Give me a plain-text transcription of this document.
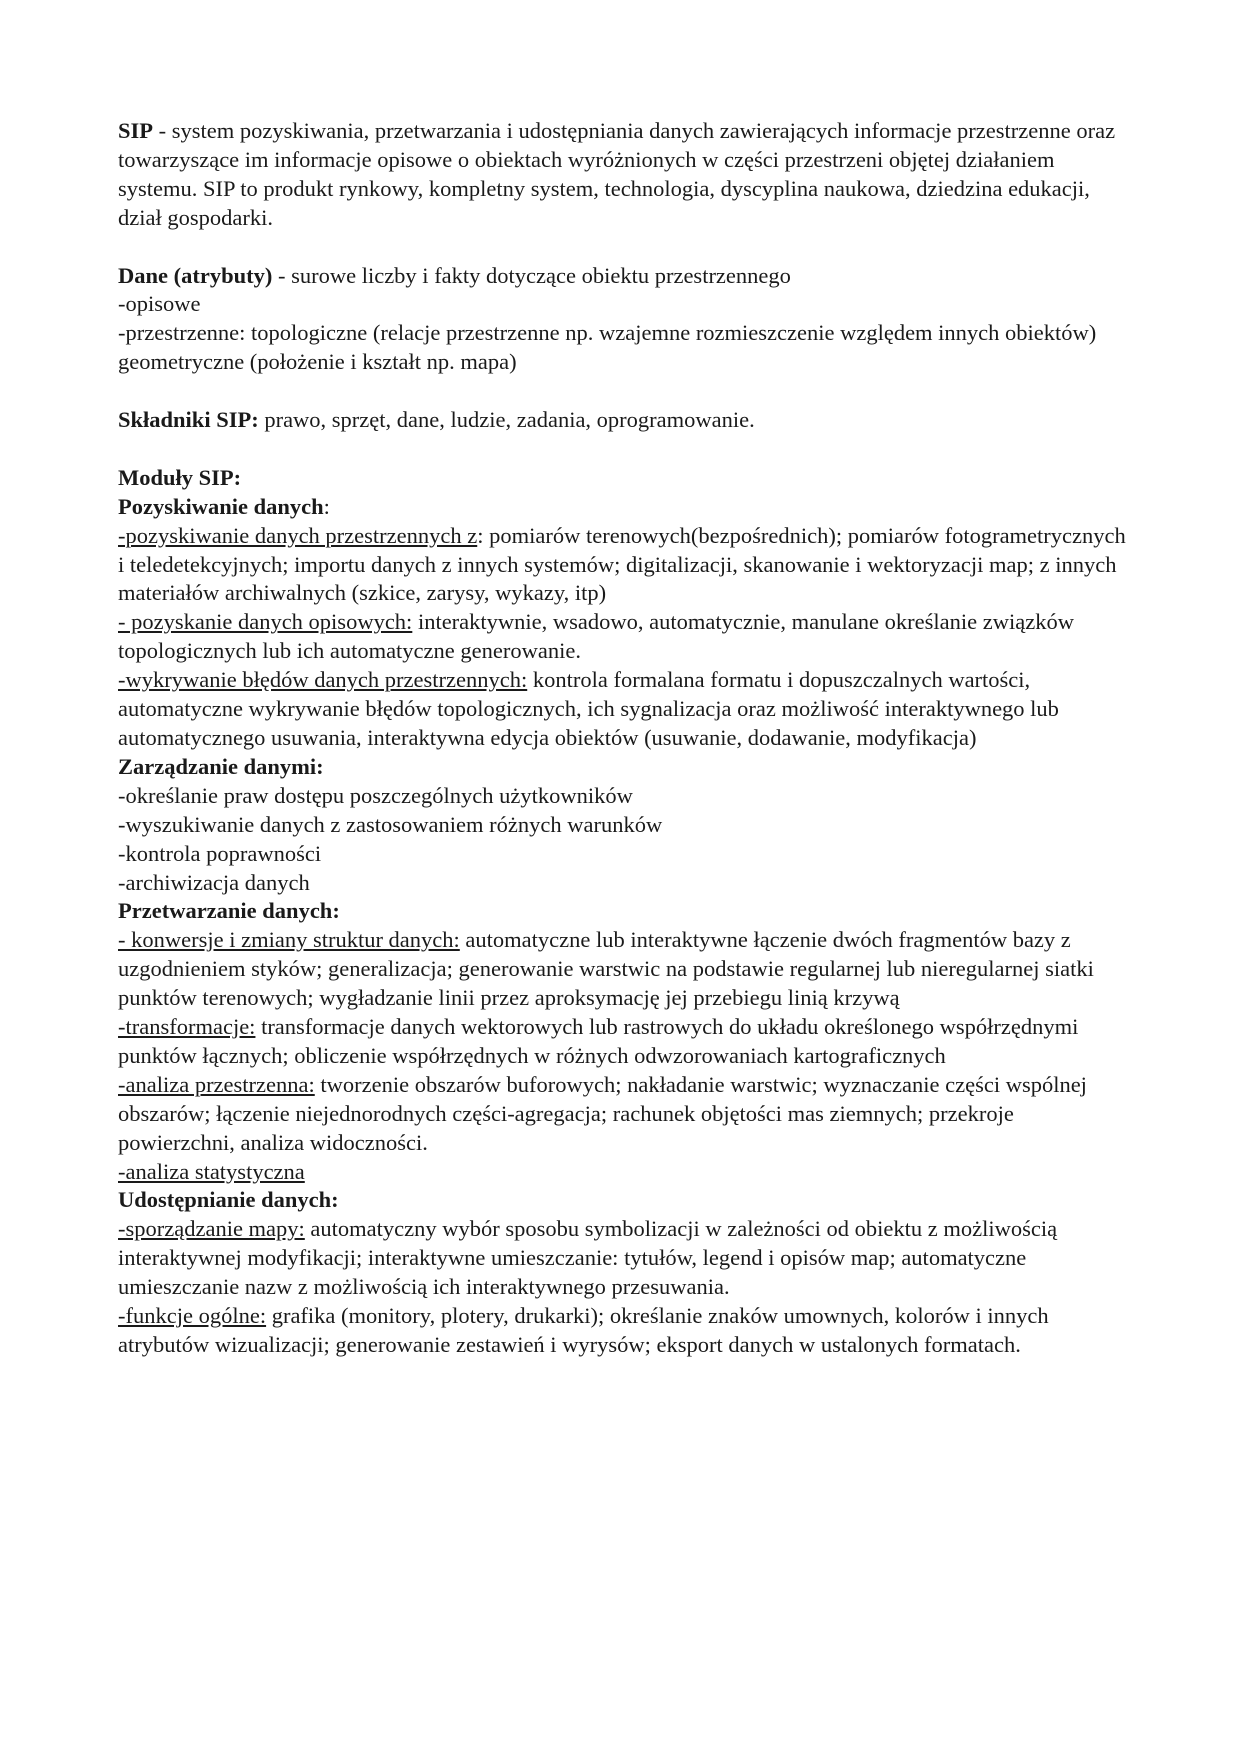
SIP - system pozyskiwania, przetwarzania i udostępniania danych zawierających informacje przestrzenne oraz towarzyszące im informacje opisowe o obiektach wyróżnionych w części przestrzeni objętej działaniem systemu. SIP to produkt rynkowy, kompletny system, technologia, dyscyplina naukowa, dziedzina edukacji, dział gospodarki.

Dane (atrybuty) - surowe liczby i fakty dotyczące obiektu przestrzennego

-opisowe

-przestrzenne: topologiczne (relacje przestrzenne np. wzajemne rozmieszczenie względem innych obiektów) geometryczne (położenie i kształt np. mapa)

Składniki SIP: prawo, sprzęt, dane, ludzie, zadania, oprogramowanie.

Moduły SIP:

Pozyskiwanie danych:

-pozyskiwanie danych przestrzennych z: pomiarów terenowych(bezpośrednich); pomiarów fotogrametrycznych i teledetekcyjnych; importu danych z innych systemów; digitalizacji, skanowanie i wektoryzacji map; z innych materiałów archiwalnych (szkice, zarysy, wykazy, itp)

- pozyskanie danych opisowych: interaktywnie, wsadowo, automatycznie, manulane określanie związków topologicznych lub ich automatyczne generowanie.

-wykrywanie błędów danych przestrzennych: kontrola formalana formatu i dopuszczalnych wartości, automatyczne wykrywanie błędów topologicznych, ich sygnalizacja oraz możliwość interaktywnego lub automatycznego usuwania, interaktywna edycja obiektów (usuwanie, dodawanie, modyfikacja)

Zarządzanie danymi:

-określanie praw dostępu poszczególnych użytkowników

-wyszukiwanie danych z zastosowaniem różnych warunków

-kontrola poprawności

-archiwizacja danych

Przetwarzanie danych:

- konwersje i zmiany struktur danych: automatyczne lub interaktywne łączenie dwóch fragmentów bazy z uzgodnieniem styków; generalizacja; generowanie warstwic na podstawie regularnej lub nieregularnej siatki punktów terenowych; wygładzanie linii przez aproksymację jej przebiegu linią krzywą

-transformacje: transformacje danych wektorowych lub rastrowych do układu określonego współrzędnymi punktów łącznych; obliczenie współrzędnych w różnych odwzorowaniach kartograficznych

-analiza przestrzenna: tworzenie obszarów buforowych; nakładanie warstwic; wyznaczanie części wspólnej obszarów; łączenie niejednorodnych części-agregacja; rachunek objętości mas ziemnych; przekroje powierzchni, analiza widoczności.

-analiza statystyczna

Udostępnianie danych:

-sporządzanie mapy: automatyczny wybór sposobu symbolizacji w zależności od obiektu z możliwością interaktywnej modyfikacji; interaktywne umieszczanie: tytułów, legend i opisów map; automatyczne umieszczanie nazw z możliwością ich interaktywnego przesuwania.

-funkcje ogólne: grafika (monitory, plotery, drukarki); określanie znaków umownych, kolorów i innych atrybutów wizualizacji; generowanie zestawień i wyrysów; eksport danych w ustalonych formatach.
